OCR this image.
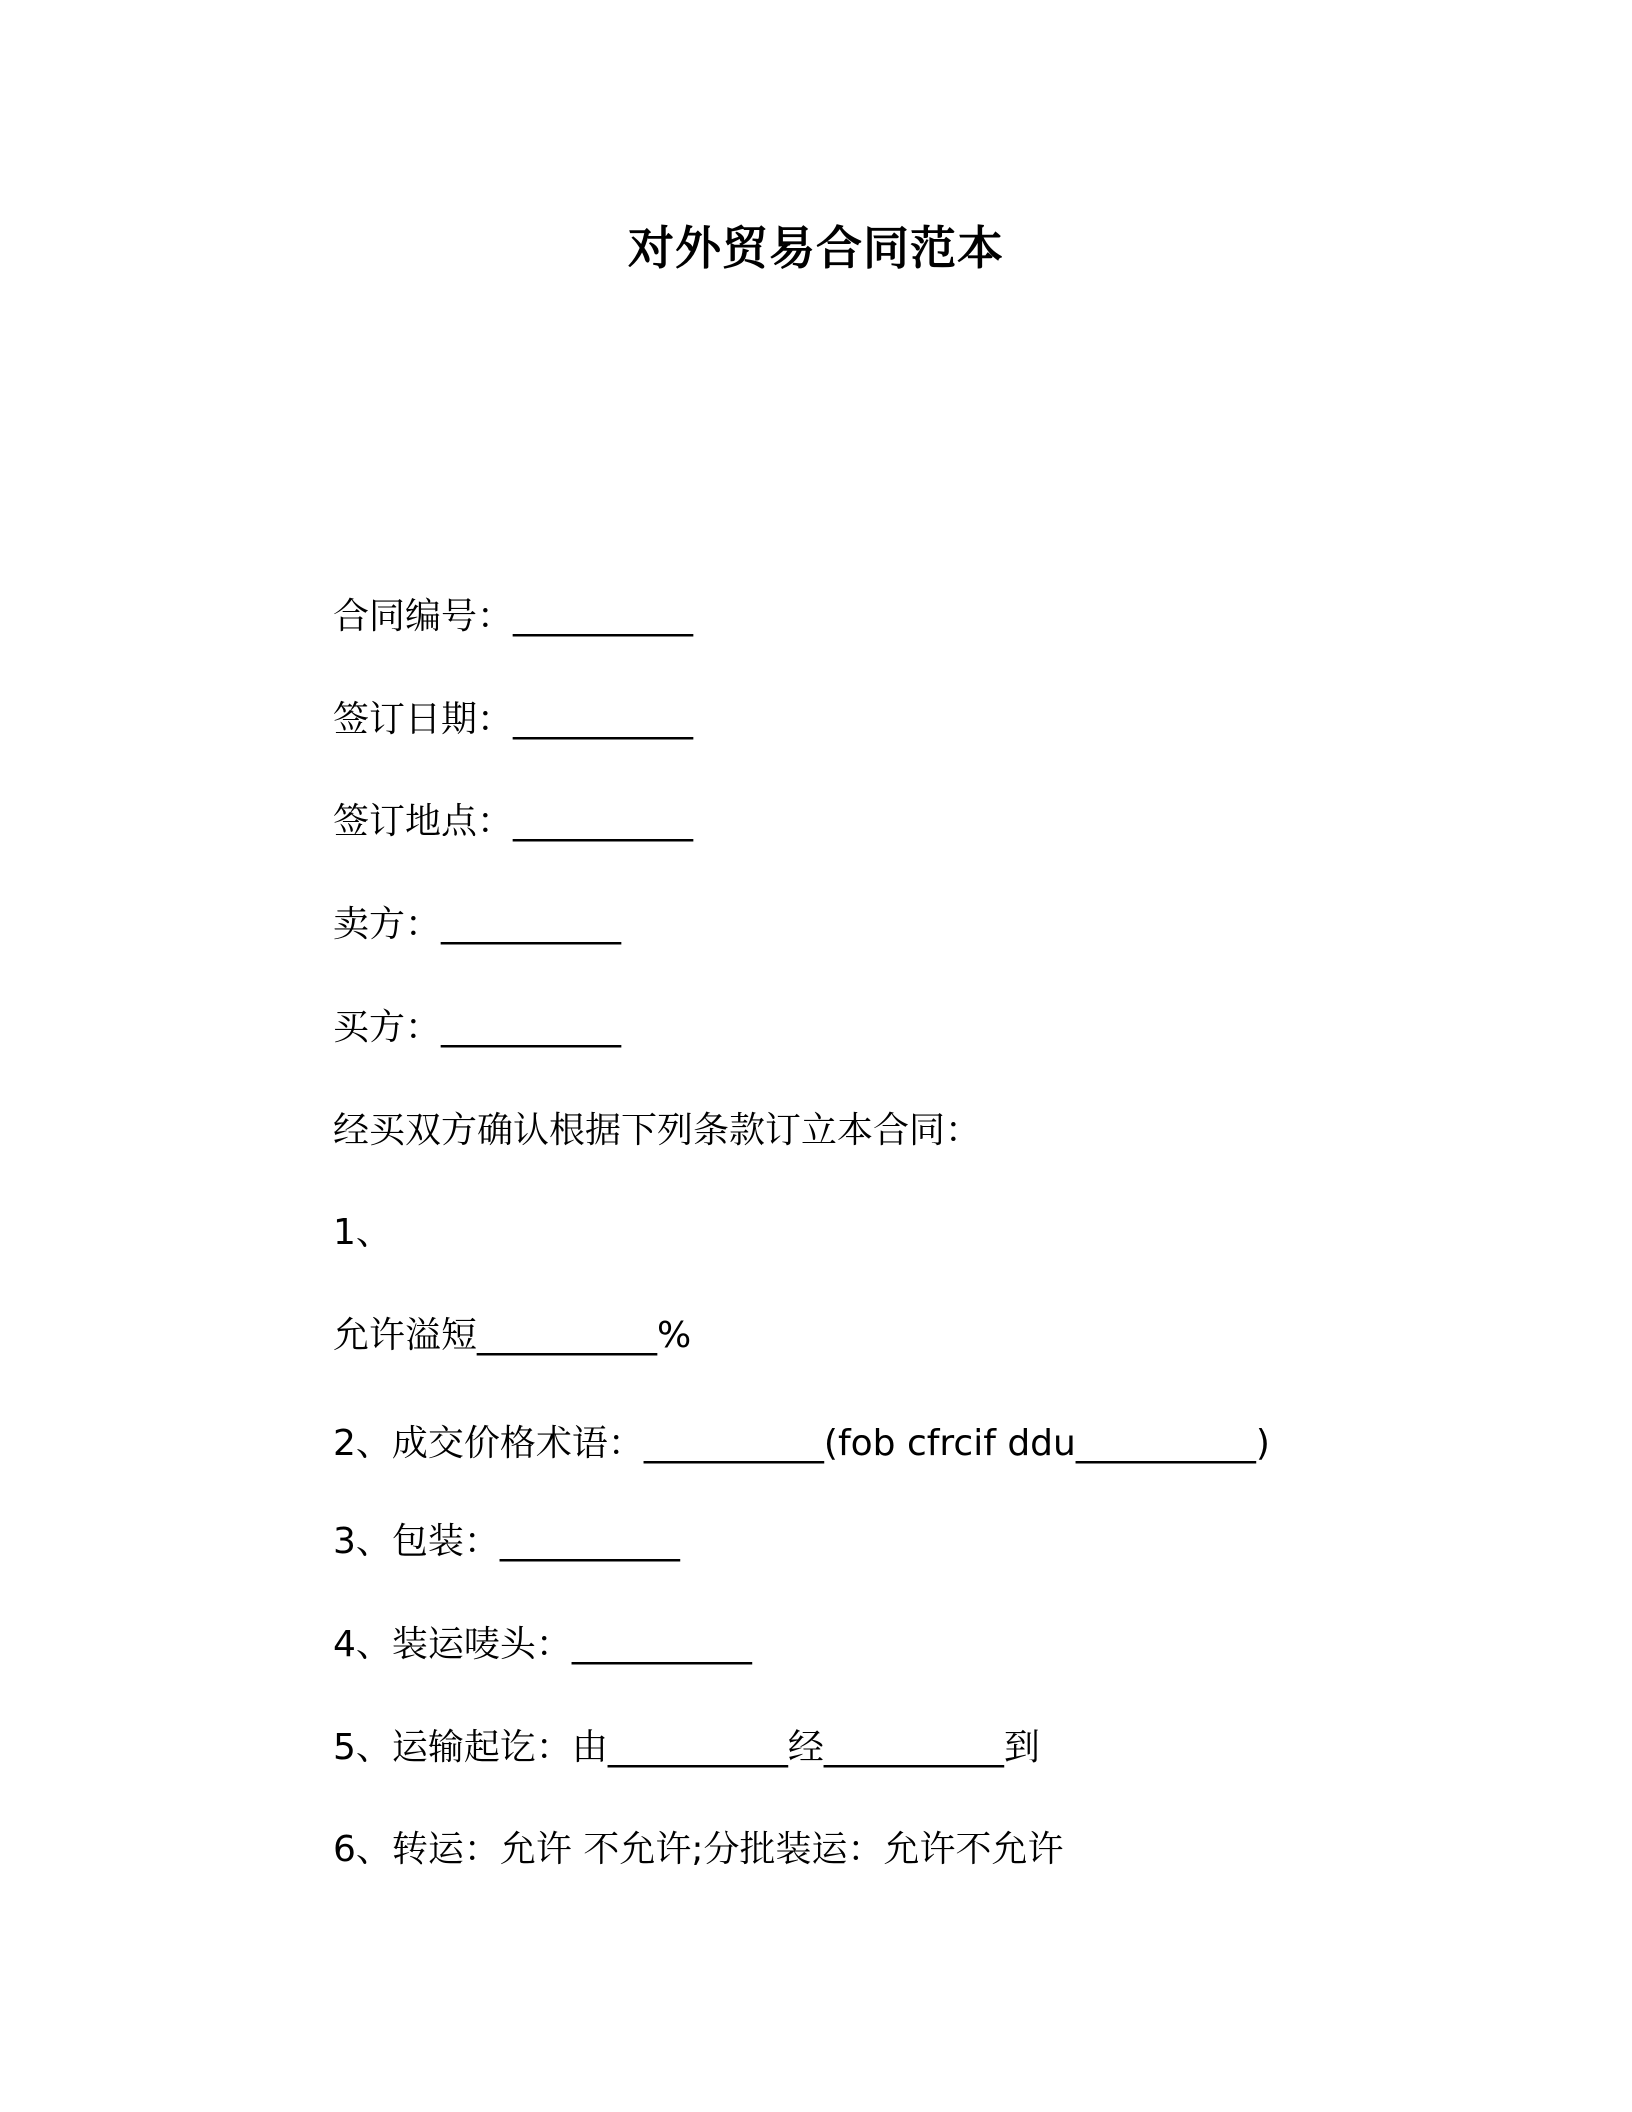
对外贸易合同范本
合同编号：__________
签订日期：__________
签订地点：__________
卖方：__________
买方：__________
经买双方确认根据下列条款订立本合同：
1、
允许溢短__________%
2、成交价格术语：__________(fob cfrcif ddu__________)
3、包装：__________
4、装运唛头：__________
5、运输起讫：由__________经__________到
6、转运：允许 不允许;分批装运：允许不允许
